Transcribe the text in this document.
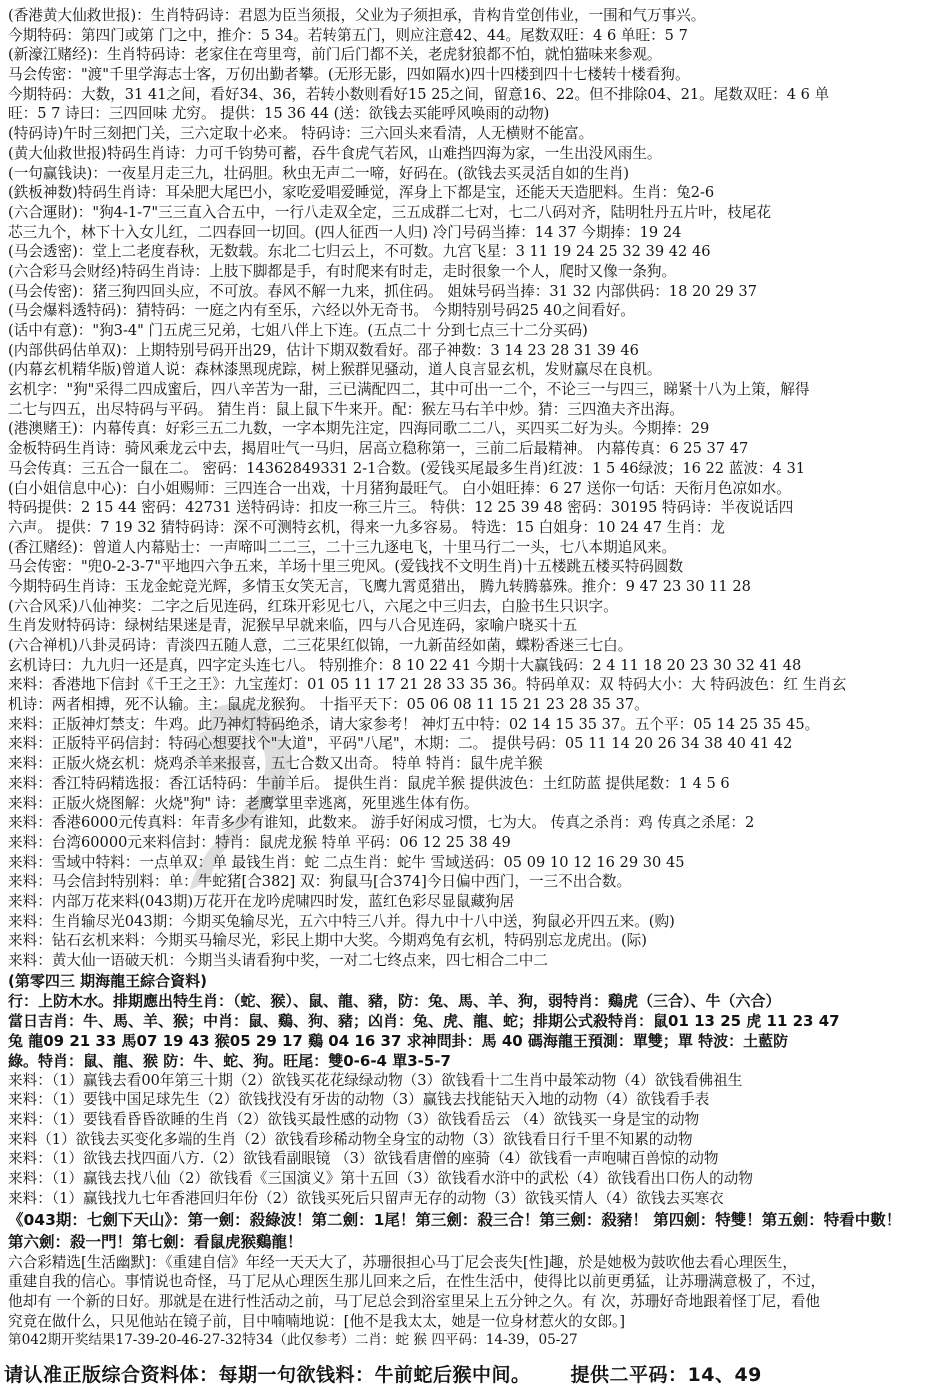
(香港黄大仙救世报)：生肖特码诗：君恩为臣当须报，父业为子须担承，肯构肯堂创伟业，一围和气万事兴。
今期特码：第四门或第 门之中，推介：5 34。若转第五门，则应注意42、44。尾数双旺：4 6 单旺：5 7
(新濠江赌经)：生肖特码诗：老家住在弯里弯，前门后门都不关，老虎豺狼都不怕，就怕猫味来参观。
马会传密："渡"千里学海志士客，万仞出勤者攀。(无形无影，四如隔水)四十四楼到四十七楼转十楼看狗。
今期特码：大数，31 41之间，看好34、36，若转小数则看好15 25之间，留意16、22。但不排除04、21。尾数双旺：4 6 单
旺：5 7 诗曰：三四回味 尤穷。 提供：15 36 44 (送：欲钱去买能呼风唤雨的动物)
(特码诗)午时三刻把门关，三六定取十必来。 特码诗：三六回头来看清，人无横财不能富。
(黄大仙救世报)特码生肖诗：力可千钧势可蓄，吞牛食虎气若风，山难挡四海为家，一生出没风雨生。
(一句赢钱诀)：一夜星月走三九，壮码胆。秋虫无声二一啼，好码在。(欲钱去买灵活自如的生肖)
(鉄板神数)特码生肖诗：耳朵肥大尾巴小，家吃爱唱爱睡觉，浑身上下都是宝，还能天天造肥料。生肖：兔2-6
(六合運財)："狗4-1-7"三三直入合五中，一行八走双全定，三五成群二七对，七二八码对齐，陆明牡丹五片叶，枝尾花
芯三九个，林下十入女儿红，二四春回一切回。(四人征西一人归) 冷门号码当捧：14 37 今期捧：19 24
(马会透密)：堂上二老度春秋，无数载。东北二七归云上，不可数。九宫飞星：3 11 19 24 25 32 39 42 46
(六合彩马会财经)特码生肖诗：上肢下脚都是手，有时爬来有时走，走时很象一个人，爬时又像一条狗。
(马会传密)：猪三狗四回头应，不可放。春风不解一九来，抓住码。 姐妹号码当捧：31 32 内部供码：18 20 29 37
(马会爆料透特码)：猜特码：一庭之内有至乐，六经以外无奇书。 今期特别号码25 40之间看好。
(话中有意)："狗3-4" 门五虎三兄弟，七姐八伴上下连。(五点二十 分到七点三十二分买码)
(内部供码估单双)：上期特别号码开出29，估计下期双数看好。邵子神数：3 14 23 28 31 39 46
(内幕玄机精华版)曾道人说：森林漆黑现虎踪，树上猴群见骚动，道人良言显玄机，发财赢尽在良机。
玄机字："狗"采得二四成蜜后，四八辛苦为一甜，三已满配四二，其中可出一二个，不论三一与四三，睇紧十八为上策，解得
二七与四五，出尽特码与平码。 猜生肖：鼠上鼠下牛来开。配：猴左马右羊中炒。猜：三四渔夫齐出海。
(港澳赌王)：内幕传真：好彩三五二九数，一字本期先注定，四海同歌二二八，买四买二好为头。今期捧：29
金板特码生肖诗：骑风乘龙云中去，揭眉吐气一马归，居高立稳称第一，三前二后最精神。 内幕传真：6 25 37 47
马会传真：三五合一鼠在二。 密码：14362849331 2-1合数。(爱钱买尾最多生肖)红波：1 5 46绿波；16 22 蓝波：4 31
(白小姐信息中心)：白小姐赐师：三四连合一出戏，十月猪狗最旺气。 白小姐旺捧：6 27 送你一句话：天衔月色凉如水。
特码提供：2 15 44 密码：42731 送特码诗：扣皮一称三片三。 特供：12 25 39 48 密码：30195 特码诗：半夜说话四
六声。 提供：7 19 32 猜特码诗：深不可测特玄机，得来一九多容易。 特选：15 白姐身：10 24 47 生肖：龙
(香江赌经)：曾道人内幕贴士：一声啼叫二二三，二十三九逐电飞，十里马行二一头，七八本期追风来。
马会传密："兜0-2-3-7"平地四六争五来，羊场十里三兜风。(爱钱找不文明生肖)十五楼跳五楼买特码圆数
今期特码生肖诗：玉龙金蛇竞光辉，多情玉女笑无言，飞鹰九霄觅猎出， 腾九转腾慕殊。推介：9 47 23 30 11 28
(六合风采)八仙神奖：二字之后见连码，红珠开彩见七八，六尾之中三归去，白脸书生只识字。
生肖发财特码诗：绿树结果迷是青，泥猴早早就来临，四与八合见连码，家喻户晓买十五
(六合禅机)八卦灵码诗：青淡四五随人意，二三花果红似锦，一九新苗经如菌，蝶粉香迷三七白。
玄机诗曰：九九归一还是真，四字定头连七八。 特别推介：8 10 22 41 今期十大赢钱码：2 4 11 18 20 23 30 32 41 48
来料：香港地下信封《千王之王》：九宝莲灯：01 05 11 17 21 28 33 35 36。特码单双：双 特码大小：大 特码波色：红 生肖玄
机诗：两者相搏，死不认输。主：鼠虎龙猴狗。 十指平天下：05 06 08 11 15 21 23 28 35 37。
来料：正版神灯禁支：牛鸡。此乃神灯特码绝杀，请大家参考！ 神灯五中特：02 14 15 35 37。五个平：05 14 25 35 45。
来料：正版特平码信封：特码心想要找个"大道"，平码"八尾"，木期：二。 提供号码：05 11 14 20 26 34 38 40 41 42
来料：正版火烧玄机：烧鸡杀羊来报喜，五七合数又出奇。 特单 特肖：鼠牛虎羊猴
来料：香江特码精选报：香江话特码：牛前羊后。 提供生肖：鼠虎羊猴 提供波色：土红防蓝 提供尾数：1 4 5 6
来料：正版火烧图解：火烧"狗" 诗：老鹰掌里幸逃离，死里逃生体有伤。
来料：香港6000元传真料：年青多少有谁知，此数来。 游手好闲成习惯，七为大。 传真之杀肖：鸡 传真之杀尾：2
来料：台湾60000元来料信封：特肖：鼠虎龙猴 特单 平码：06 12 25 38 49
来料：雪域中特料：一点单双：单 最钱生肖：蛇 二点生肖：蛇牛 雪域送码：05 09 10 12 16 29 30 45
来料：马会信封特别料：单：牛蛇猪[合382] 双：狗鼠马[合374]今日偏中西门，一三不出合数。
来料：内部万花来料(043期)万花开在龙吟虎啸四时发，蓝红色彩尽显鼠藏狗居
来料：生肖输尽光043期：今期买兔输尽光，五六中特三八并。得九中十八中送，狗鼠必开四五来。(购)
来料：钻石玄机来料：今期买马输尽光，彩民上期中大奖。今期鸡兔有玄机，特码别忘龙虎出。(际)
来料：黄大仙一语破天机：今期当头请看狗中奖，一对二七终点来，四七相合二中二
(第零四三 期海龍王綜合資料)
行：上防木水。排期應出特生肖：（蛇、猴）、鼠、龍、豬，防：兔、馬、羊、狗，弱特肖：鷄虎（三合）、牛（六合）
當日吉肖：牛、馬、羊、猴；中肖：鼠、鷄、狗、豬；凶肖：兔、虎、龍、蛇；排期公式殺特肖：鼠01 13 25 虎 11 23 47
兔 龍09 21 33 馬07 19 43 猴05 29 17 鷄 04 16 37 求神問卦：馬 40 碼海龍王預測：單雙；單 特波：土藍防
綠。特肖：鼠、龍、猴 防：牛、蛇、狗。旺尾：雙0-6-4 單3-5-7
来料：（1）赢钱去看00年第三十期（2）欲钱买花花绿绿动物（3）欲钱看十二生肖中最笨动物（4）欲钱看佛祖生
来料：（1）要钱中国足球先生（2）欲钱找没有牙齿的动物（3）赢钱去找能钻天入地的动物（4）欲钱看手表
来料：（1）要钱看昏昏欲睡的生肖（2）欲钱买最性感的动物（3）欲钱看岳云 （4）欲钱买一身是宝的动物
来料（1）欲钱去买变化多端的生肖（2）欲钱看珍稀动物全身宝的动物（3）欲钱看日行千里不知累的动物
来料：（1）欲钱去找四面八方.（2）欲钱看副眼镜 （3）欲钱看唐僧的座骑（4）欲钱看一声咆啸百兽惊的动物
来料：（1）赢钱去找八仙（2）欲钱看《三国演义》第十五回（3）欲钱看水浒中的武松（4）欲钱看出口伤人的动物
来料：（1）赢钱找九七年香港回归年份（2）欲钱买死后只留声无存的动物（3）欲钱买情人（4）欲钱去买寒衣
《043期：七劍下天山》：第一劍：殺綠波！第二劍：1尾！第三劍：殺三合！第三劍：殺豬！ 第四劍：特雙！第五劍：特看中數！
第六劍：殺一門！第七劍：看鼠虎猴鷄龍！
六合彩精选[生活幽默]：《重建自信》年经一天天大了，苏珊很担心马丁尼会丧失[性]趣，於是她极为鼓吹他去看心理医生，
重建自我的信心。事情说也奇怪，马丁尼从心理医生那儿回来之后，在性生活中，使得比以前更勇猛，让苏珊满意极了，不过，
他却有 一个新的日好。那就是在进行性活动之前，马丁尼总会到浴室里呆上五分钟之久。有 次，苏珊好奇地跟着怪丁尼，看他
究竟在做什么，只见他站在镜子前，目中喃喃地说：[他不是我太太，她是一位身材惹火的女郎。]
第042期开奖结果17-39-20-46-27-32特34（此仅参考）二肖：蛇 猴 四平码：14-39，05-27
请认准正版综合资料体：每期一句欲钱料：牛前蛇后猴中间。 提供二平码：14、49
